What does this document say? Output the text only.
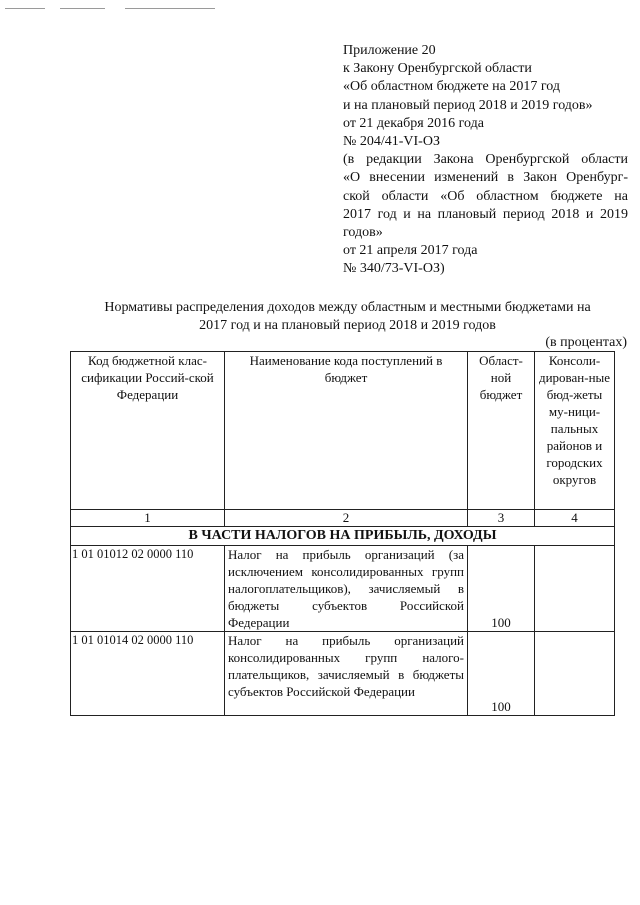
Приложение 20
к Закону Оренбургской области
«Об областном бюджете на 2017 год
и на плановый период 2018 и 2019 годов»
от 21 декабря 2016 года
№ 204/41-VI-ОЗ
(в редакции Закона Оренбургской области
«О внесении изменений в Закон Оренбург-
ской области «Об областном бюджете на
2017 год и на плановый период 2018 и 2019
годов»
от 21 апреля 2017 года
№ 340/73-VI-ОЗ)
Нормативы распределения доходов между областным и местными бюджетами на
2017 год и на плановый период 2018 и 2019 годов
(в процентах)
Код бюджетной клас-сификации Россий-ской Федерации	Наименование кода поступлений в бюджет	Област-ной бюджет	Консоли-дирован-ные бюд-жеты му-ници-пальных районов и городских округов
1	2	3	4
В ЧАСТИ НАЛОГОВ НА ПРИБЫЛЬ, ДОХОДЫ			
1 01 01012 02 0000 110	Налог на прибыль организаций (за исключением консолидированных групп налогоплательщиков), зачисляемый в бюджеты субъектов Российской Федерации	100	
1 01 01014 02 0000 110	Налог на прибыль организаций консолидированных групп налого-плательщиков, зачисляемый в бюджеты субъектов Российской Федерации	100	
